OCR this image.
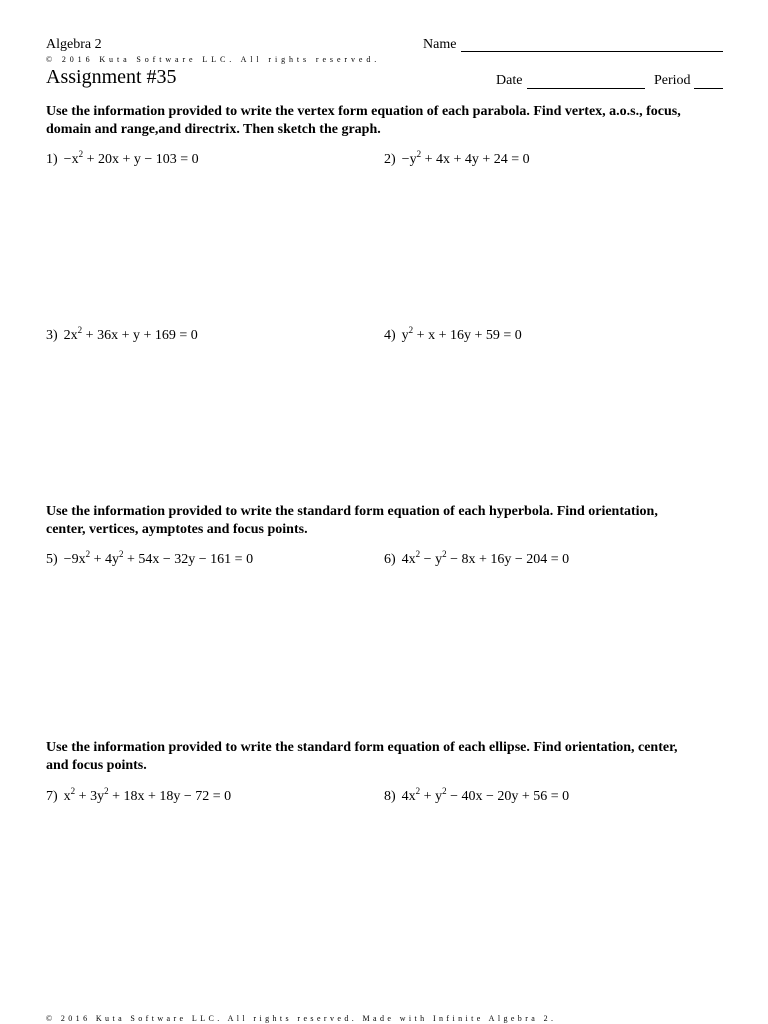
Algebra 2	Name
© 2016 Kuta Software LLC. All rights reserved.
Assignment #35	Date	Period
Use the information provided to write the vertex form equation of each parabola. Find vertex, a.o.s., focus, domain and range,and directrix. Then sketch the graph.
$1) -x^2 + 20x + y - 103 = 0$	$2) -y^2 + 4x + 4y + 24 = 0$
3) $2x^2 + 36x + y + 169 = 0$	4) $y^2 + x + 16y + 59 = 0$
Use the information provided to write the standard form equation of each hyperbola. Find orientation, center, vertices, aymptotes and focus points.
$5) -9x^2 + 4y^2 + 54x - 32y - 161 = 0$	6) $4x^2 - y^2 - 8x + 16y - 204 = 0$
Use the information provided to write the standard form equation of each ellipse. Find orientation, center, and focus points.
7) $x^2 + 3y^2 + 18x + 18y - 72 = 0$	8) $4x^2 + y^2 - 40x - 20y + 56 = 0$
© 2016 Kuta Software LLC. All rights reserved. Made with Infinite Algebra 2.
